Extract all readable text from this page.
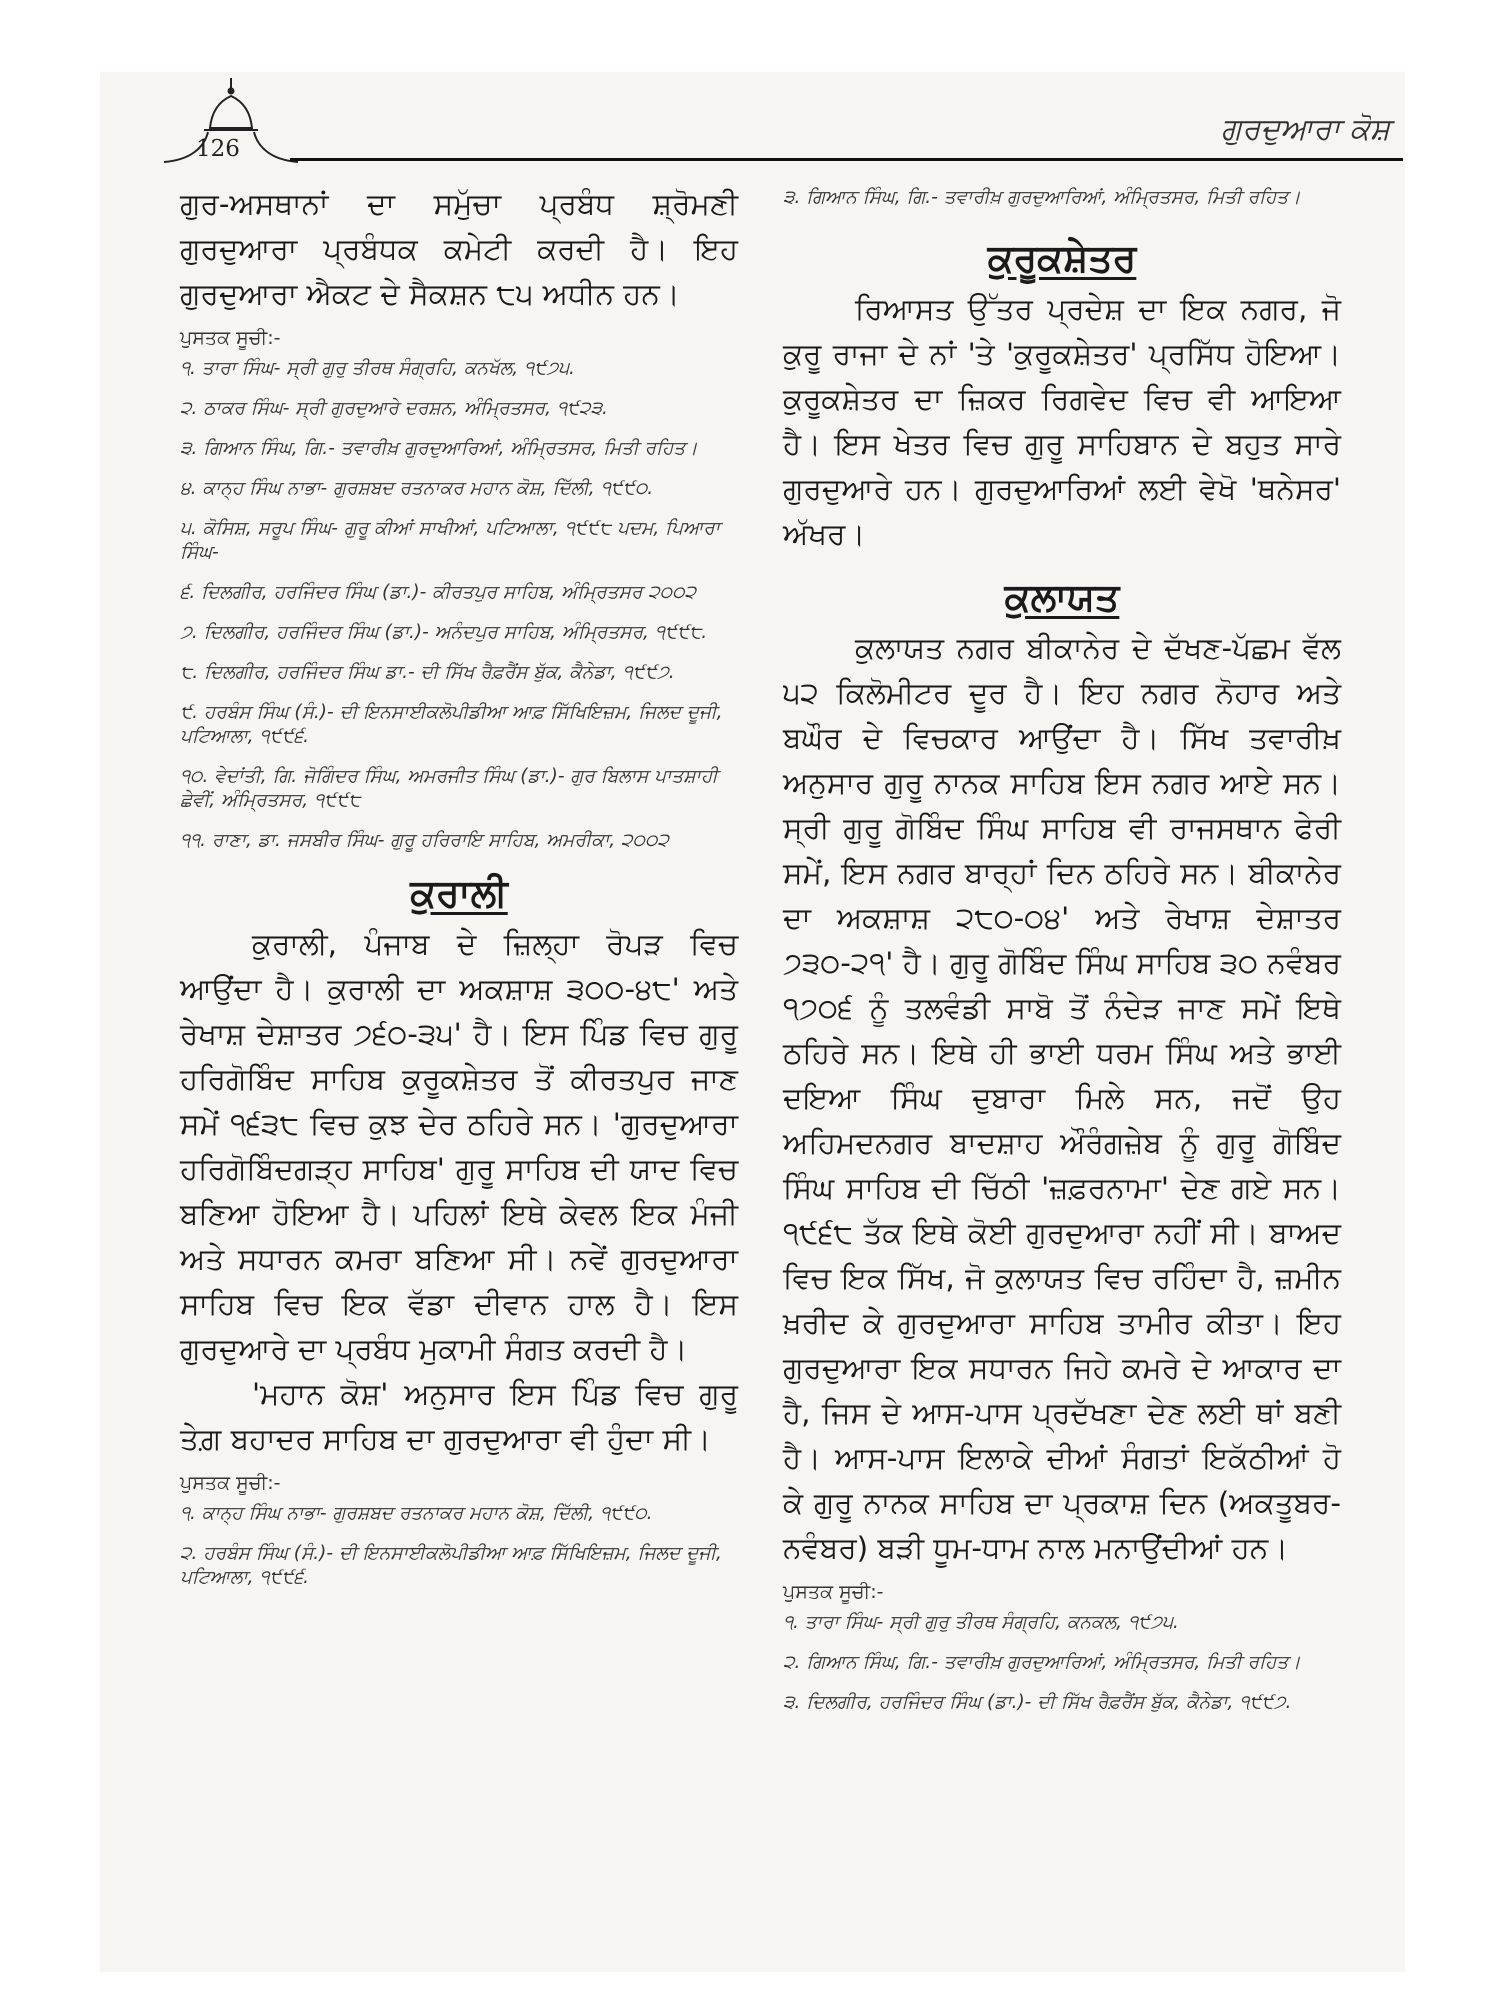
126
ਗੁਰਦੁਆਰਾ ਕੋਸ਼

ਗੁਰ-ਅਸਥਾਨਾਂ ਦਾ ਸਮੁੱਚਾ ਪ੍ਰਬੰਧ ਸ਼੍ਰੋਮਣੀ ਗੁਰਦੁਆਰਾ ਪ੍ਰਬੰਧਕ ਕਮੇਟੀ ਕਰਦੀ ਹੈ। ਇਹ ਗੁਰਦੁਆਰਾ ਐਕਟ ਦੇ ਸੈਕਸ਼ਨ ੮੫ ਅਧੀਨ ਹਨ।

ਪੁਸਤਕ ਸੂਚੀ:-
੧. ਤਾਰਾ ਸਿੰਘ- ਸ੍ਰੀ ਗੁਰੁ ਤੀਰਥ ਸੰਗ੍ਰਹਿ, ਕਨਖੱਲ, ੧੯੭੫.
੨. ਠਾਕਰ ਸਿੰਘ- ਸ੍ਰੀ ਗੁਰਦੁਆਰੇ ਦਰਸ਼ਨ, ਅੰਮ੍ਰਿਤਸਰ, ੧੯੨੩.
੩. ਗਿਆਨ ਸਿੰਘ, ਗਿ.- ਤਵਾਰੀਖ਼ ਗੁਰਦੁਆਰਿਆਂ, ਅੰਮ੍ਰਿਤਸਰ, ਮਿਤੀ ਰਹਿਤ।
੪. ਕਾਨ੍ਹ ਸਿੰਘ ਨਾਭਾ- ਗੁਰਸ਼ਬਦ ਰਤਨਾਕਰ ਮਹਾਨ ਕੋਸ਼, ਦਿੱਲੀ, ੧੯੯੦.
੫. ਕੋਸਿਸ਼, ਸਰੂਪ ਸਿੰਘ- ਗੁਰੂ ਕੀਆਂ ਸਾਖੀਆਂ, ਪਟਿਆਲਾ, ੧੯੯੮ ਪਦਮ, ਪਿਆਰਾ ਸਿੰਘ-
੬. ਦਿਲਗੀਰ, ਹਰਜਿੰਦਰ ਸਿੰਘ (ਡਾ.)- ਕੀਰਤਪੁਰ ਸਾਹਿਬ, ਅੰਮ੍ਰਿਤਸਰ ੨੦੦੨
੭. ਦਿਲਗੀਰ, ਹਰਜਿੰਦਰ ਸਿੰਘ (ਡਾ.)- ਅਨੰਦਪੁਰ ਸਾਹਿਬ, ਅੰਮ੍ਰਿਤਸਰ, ੧੯੯੮.
੮. ਦਿਲਗੀਰ, ਹਰਜਿੰਦਰ ਸਿੰਘ ਡਾ.- ਦੀ ਸਿੱਖ ਰੈਫ਼ਰੈਂਸ ਬੁੱਕ, ਕੈਨੇਡਾ, ੧੯੯੭.
੯. ਹਰਬੰਸ ਸਿੰਘ (ਸੰ.)- ਦੀ ਇਨਸਾਈਕਲੋਪੀਡੀਆ ਆਫ਼ ਸਿੱਖਿਇਜ਼ਮ, ਜਿਲਦ ਦੂਜੀ, ਪਟਿਆਲਾ, ੧੯੯੬.
੧੦. ਵੇਦਾਂਤੀ, ਗਿ. ਜੋਗਿੰਦਰ ਸਿੰਘ, ਅਮਰਜੀਤ ਸਿੰਘ (ਡਾ.)- ਗੁਰ ਬਿਲਾਸ ਪਾਤਸ਼ਾਹੀ ਛੇਵੀਂ, ਅੰਮ੍ਰਿਤਸਰ, ੧੯੯੮
੧੧. ਰਾਣਾ, ਡਾ. ਜਸਬੀਰ ਸਿੰਘ- ਗੁਰੂ ਹਰਿਰਾਇ ਸਾਹਿਬ, ਅਮਰੀਕਾ, ੨੦੦੨
ਕੁਰਾਲੀ

ਕੁਰਾਲੀ, ਪੰਜਾਬ ਦੇ ਜ਼ਿਲ੍ਹਾ ਰੋਪੜ ਵਿਚ ਆਉਂਦਾ ਹੈ। ਕੁਰਾਲੀ ਦਾ ਅਕਸ਼ਾਸ਼ ੩੦੦-੪੮' ਅਤੇ ਰੇਖਾਸ਼ ਦੇਸ਼ਾਤਰ ੭੬੦-੩੫' ਹੈ। ਇਸ ਪਿੰਡ ਵਿਚ ਗੁਰੂ ਹਰਿਗੋਬਿੰਦ ਸਾਹਿਬ ਕੁਰੂਕਸ਼ੇਤਰ ਤੋਂ ਕੀਰਤਪੁਰ ਜਾਣ ਸਮੇਂ ੧੬੩੮ ਵਿਚ ਕੁਝ ਦੇਰ ਠਹਿਰੇ ਸਨ। 'ਗੁਰਦੁਆਰਾ ਹਰਿਗੋਬਿੰਦਗੜ੍ਹ ਸਾਹਿਬ' ਗੁਰੂ ਸਾਹਿਬ ਦੀ ਯਾਦ ਵਿਚ ਬਣਿਆ ਹੋਇਆ ਹੈ। ਪਹਿਲਾਂ ਇਥੇ ਕੇਵਲ ਇਕ ਮੰਜੀ ਅਤੇ ਸਧਾਰਨ ਕਮਰਾ ਬਣਿਆ ਸੀ। ਨਵੇਂ ਗੁਰਦੁਆਰਾ ਸਾਹਿਬ ਵਿਚ ਇਕ ਵੱਡਾ ਦੀਵਾਨ ਹਾਲ ਹੈ। ਇਸ ਗੁਰਦੁਆਰੇ ਦਾ ਪ੍ਰਬੰਧ ਮੁਕਾਮੀ ਸੰਗਤ ਕਰਦੀ ਹੈ।

'ਮਹਾਨ ਕੋਸ਼' ਅਨੁਸਾਰ ਇਸ ਪਿੰਡ ਵਿਚ ਗੁਰੂ ਤੇਗ਼ ਬਹਾਦਰ ਸਾਹਿਬ ਦਾ ਗੁਰਦੁਆਰਾ ਵੀ ਹੁੰਦਾ ਸੀ।

ਪੁਸਤਕ ਸੂਚੀ:-
੧. ਕਾਨ੍ਹ ਸਿੰਘ ਨਾਭਾ- ਗੁਰਸ਼ਬਦ ਰਤਨਾਕਰ ਮਹਾਨ ਕੋਸ਼, ਦਿੱਲੀ, ੧੯੯੦.
੨. ਹਰਬੰਸ ਸਿੰਘ (ਸੰ.)- ਦੀ ਇਨਸਾਈਕਲੋਪੀਡੀਆ ਆਫ਼ ਸਿੱਖਿਇਜ਼ਮ, ਜਿਲਦ ਦੂਜੀ, ਪਟਿਆਲਾ, ੧੯੯੬.
੩. ਗਿਆਨ ਸਿੰਘ, ਗਿ.- ਤਵਾਰੀਖ਼ ਗੁਰਦੁਆਰਿਆਂ, ਅੰਮ੍ਰਿਤਸਰ, ਮਿਤੀ ਰਹਿਤ।
ਕੁਰੂਕਸ਼ੇਤਰ

ਰਿਆਸਤ ਉੱਤਰ ਪ੍ਰਦੇਸ਼ ਦਾ ਇਕ ਨਗਰ, ਜੋ ਕੁਰੂ ਰਾਜਾ ਦੇ ਨਾਂ 'ਤੇ 'ਕੁਰੂਕਸ਼ੇਤਰ' ਪ੍ਰਸਿੱਧ ਹੋਇਆ। ਕੁਰੂਕਸ਼ੇਤਰ ਦਾ ਜ਼ਿਕਰ ਰਿਗਵੇਦ ਵਿਚ ਵੀ ਆਇਆ ਹੈ। ਇਸ ਖੇਤਰ ਵਿਚ ਗੁਰੂ ਸਾਹਿਬਾਨ ਦੇ ਬਹੁਤ ਸਾਰੇ ਗੁਰਦੁਆਰੇ ਹਨ। ਗੁਰਦੁਆਰਿਆਂ ਲਈ ਵੇਖੋ 'ਥਨੇਸਰ' ਅੱਖਰ।

ਕੁਲਾਯਤ

ਕੁਲਾਯਤ ਨਗਰ ਬੀਕਾਨੇਰ ਦੇ ਦੱਖਣ-ਪੱਛਮ ਵੱਲ ੫੨ ਕਿਲੋਮੀਟਰ ਦੂਰ ਹੈ। ਇਹ ਨਗਰ ਨੋਹਾਰ ਅਤੇ ਬਘੌਰ ਦੇ ਵਿਚਕਾਰ ਆਉਂਦਾ ਹੈ। ਸਿੱਖ ਤਵਾਰੀਖ਼ ਅਨੁਸਾਰ ਗੁਰੂ ਨਾਨਕ ਸਾਹਿਬ ਇਸ ਨਗਰ ਆਏ ਸਨ। ਸ੍ਰੀ ਗੁਰੂ ਗੋਬਿੰਦ ਸਿੰਘ ਸਾਹਿਬ ਵੀ ਰਾਜਸਥਾਨ ਫੇਰੀ ਸਮੇਂ, ਇਸ ਨਗਰ ਬਾਰ੍ਹਾਂ ਦਿਨ ਠਹਿਰੇ ਸਨ। ਬੀਕਾਨੇਰ ਦਾ ਅਕਸ਼ਾਸ਼ ੨੮੦-੦੪' ਅਤੇ ਰੇਖਾਸ਼ ਦੇਸ਼ਾਤਰ ੭੩੦-੨੧' ਹੈ। ਗੁਰੂ ਗੋਬਿੰਦ ਸਿੰਘ ਸਾਹਿਬ ੩੦ ਨਵੰਬਰ ੧੭੦੬ ਨੂੰ ਤਲਵੰਡੀ ਸਾਬੋ ਤੋਂ ਨੰਦੇੜ ਜਾਣ ਸਮੇਂ ਇਥੇ ਠਹਿਰੇ ਸਨ। ਇਥੇ ਹੀ ਭਾਈ ਧਰਮ ਸਿੰਘ ਅਤੇ ਭਾਈ ਦਇਆ ਸਿੰਘ ਦੁਬਾਰਾ ਮਿਲੇ ਸਨ, ਜਦੋਂ ਉਹ ਅਹਿਮਦਨਗਰ ਬਾਦਸ਼ਾਹ ਔਰੰਗਜ਼ੇਬ ਨੂੰ ਗੁਰੂ ਗੋਬਿੰਦ ਸਿੰਘ ਸਾਹਿਬ ਦੀ ਚਿੱਠੀ 'ਜ਼ਫ਼ਰਨਾਮਾ' ਦੇਣ ਗਏ ਸਨ। ੧੯੬੮ ਤੱਕ ਇਥੇ ਕੋਈ ਗੁਰਦੁਆਰਾ ਨਹੀਂ ਸੀ। ਬਾਅਦ ਵਿਚ ਇਕ ਸਿੱਖ, ਜੋ ਕੁਲਾਯਤ ਵਿਚ ਰਹਿੰਦਾ ਹੈ, ਜ਼ਮੀਨ ਖ਼ਰੀਦ ਕੇ ਗੁਰਦੁਆਰਾ ਸਾਹਿਬ ਤਾਮੀਰ ਕੀਤਾ। ਇਹ ਗੁਰਦੁਆਰਾ ਇਕ ਸਧਾਰਨ ਜਿਹੇ ਕਮਰੇ ਦੇ ਆਕਾਰ ਦਾ ਹੈ, ਜਿਸ ਦੇ ਆਸ-ਪਾਸ ਪ੍ਰਦੱਖਣਾ ਦੇਣ ਲਈ ਥਾਂ ਬਣੀ ਹੈ। ਆਸ-ਪਾਸ ਇਲਾਕੇ ਦੀਆਂ ਸੰਗਤਾਂ ਇਕੱਠੀਆਂ ਹੋ ਕੇ ਗੁਰੂ ਨਾਨਕ ਸਾਹਿਬ ਦਾ ਪ੍ਰਕਾਸ਼ ਦਿਨ (ਅਕਤੂਬਰ-ਨਵੰਬਰ) ਬੜੀ ਧੂਮ-ਧਾਮ ਨਾਲ ਮਨਾਉਂਦੀਆਂ ਹਨ।

ਪੁਸਤਕ ਸੂਚੀ:-
੧. ਤਾਰਾ ਸਿੰਘ- ਸ੍ਰੀ ਗੁਰੁ ਤੀਰਥ ਸੰਗ੍ਰਹਿ, ਕਨਕਲ, ੧੯੭੫.
੨. ਗਿਆਨ ਸਿੰਘ, ਗਿ.- ਤਵਾਰੀਖ਼ ਗੁਰਦੁਆਰਿਆਂ, ਅੰਮ੍ਰਿਤਸਰ, ਮਿਤੀ ਰਹਿਤ।
੩. ਦਿਲਗੀਰ, ਹਰਜਿੰਦਰ ਸਿੰਘ (ਡਾ.)- ਦੀ ਸਿੱਖ ਰੈਫ਼ਰੈਂਸ ਬੁੱਕ, ਕੈਨੇਡਾ, ੧੯੯੭.
